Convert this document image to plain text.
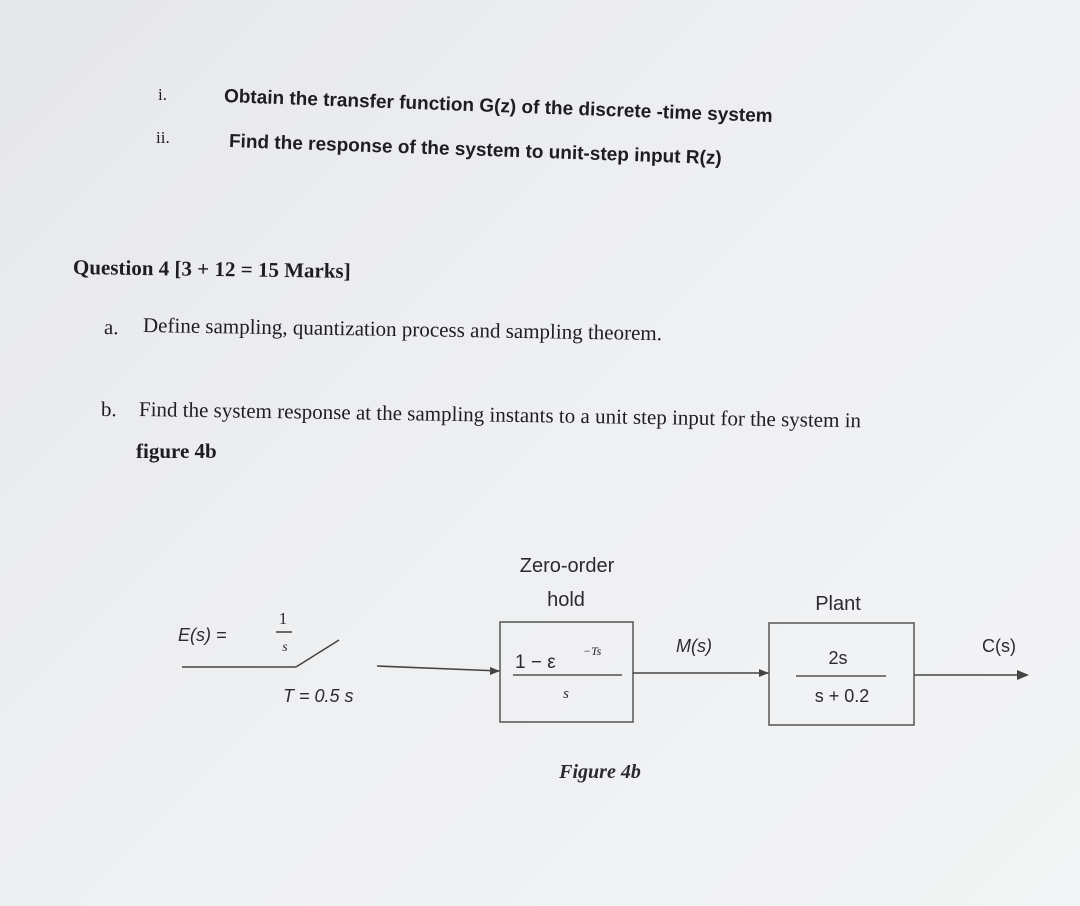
i.	Obtain the transfer function G(z) of the discrete -time system
ii.	Find the response of the system to unit-step input R(z)
Question 4 [3 + 12 = 15 Marks]
a. Define sampling, quantization process and sampling theorem.
b. Find the system response at the sampling instants to a unit step input for the system in
figure 4b
E(s) =
1
s
T = 0.5 s
Zero-order
hold
1 − ε
−Ts
s
M(s)
Plant
2s
s + 0.2
C(s)
Figure 4b
